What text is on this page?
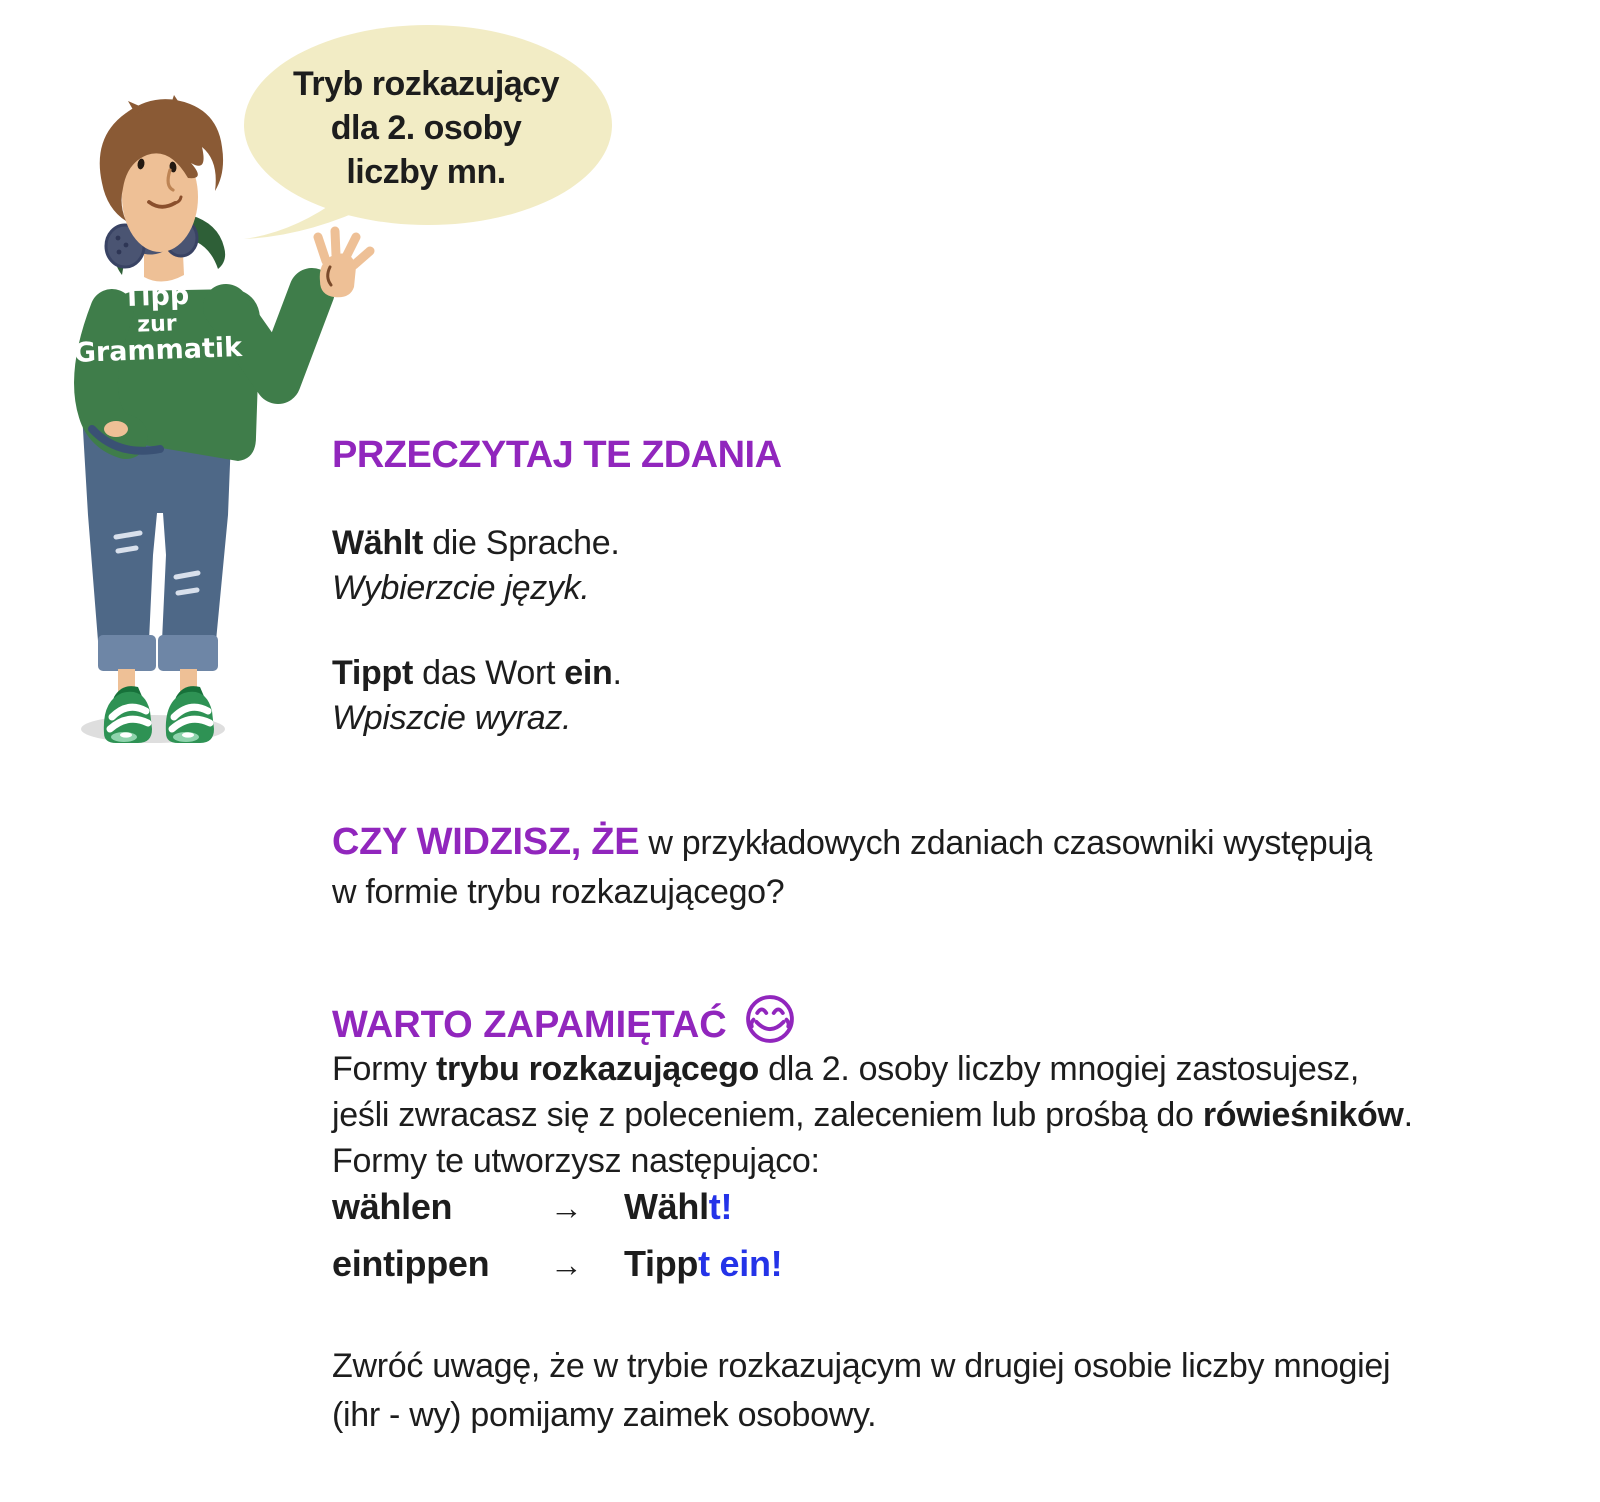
Tryb rozkazujący
dla 2. osoby
liczby mn.
Tipp
zur
Grammatik
PRZECZYTAJ TE ZDANIA
Wählt die Sprache.
Wybierzcie język.
Tippt das Wort ein.
Wpiszcie wyraz.
CZY WIDZISZ, ŻE w przykładowych zdaniach czasowniki występują
w formie trybu rozkazującego?
WARTO ZAPAMIĘTAĆ
Formy trybu rozkazującego dla 2. osoby liczby mnogiej zastosujesz,
jeśli zwracasz się z poleceniem, zaleceniem lub prośbą do rówieśników.
Formy te utworzysz następująco:
wählen	→	Wählt!
eintippen	→	Tippt ein!
Zwróć uwagę, że w trybie rozkazującym w drugiej osobie liczby mnogiej
(ihr - wy) pomijamy zaimek osobowy.
